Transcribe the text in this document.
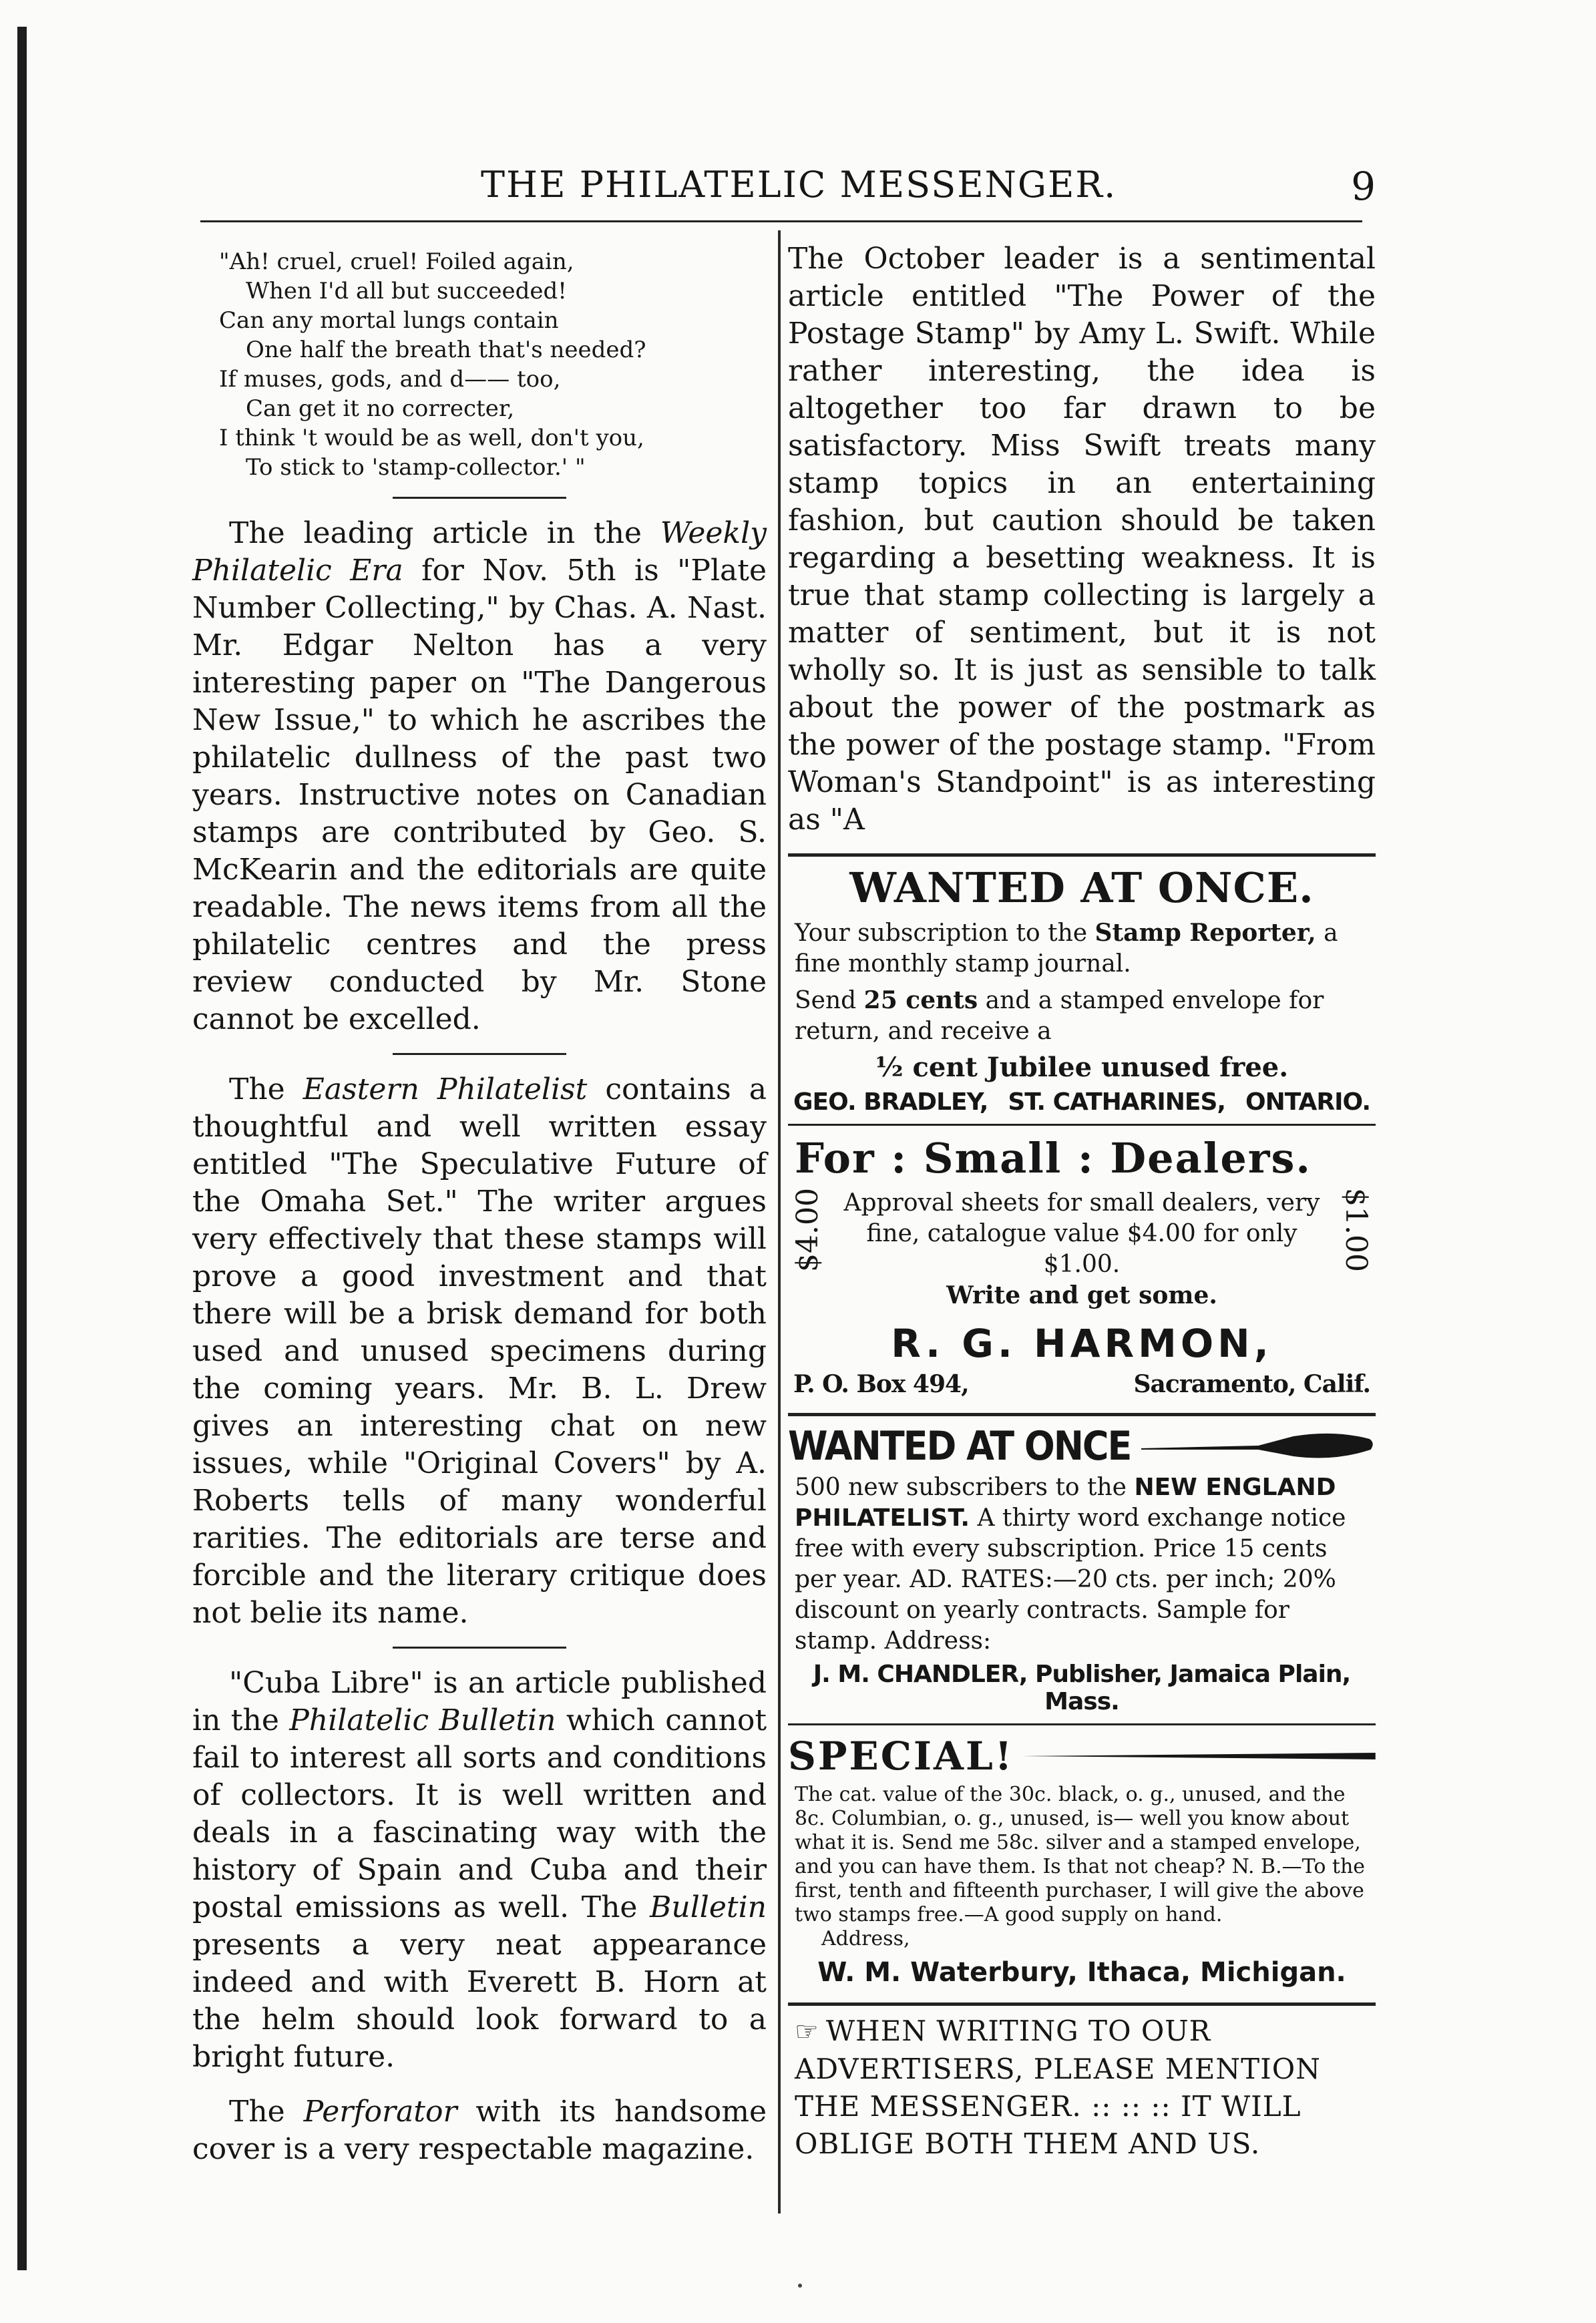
THE PHILATELIC MESSENGER.	9
"Ah! cruel, cruel! Foiled again,
When I'd all but succeeded!
Can any mortal lungs contain
One half the breath that's needed?
If muses, gods, and d—— too,
Can get it no correcter,
I think 't would be as well, don't you,
To stick to 'stamp-collector.' "

The leading article in the Weekly Philatelic Era for Nov. 5th is "Plate Number Collecting," by Chas. A. Nast. Mr. Edgar Nelton has a very interesting paper on "The Dangerous New Issue," to which he ascribes the philatelic dullness of the past two years. Instructive notes on Canadian stamps are contributed by Geo. S. McKearin and the editorials are quite readable. The news items from all the philatelic centres and the press review conducted by Mr. Stone cannot be excelled.

The Eastern Philatelist contains a thoughtful and well written essay entitled "The Speculative Future of the Omaha Set." The writer argues very effectively that these stamps will prove a good investment and that there will be a brisk demand for both used and unused specimens during the coming years. Mr. B. L. Drew gives an interesting chat on new issues, while "Original Covers" by A. Roberts tells of many wonderful rarities. The editorials are terse and forcible and the literary critique does not belie its name.

"Cuba Libre" is an article published in the Philatelic Bulletin which cannot fail to interest all sorts and conditions of collectors. It is well written and deals in a fascinating way with the history of Spain and Cuba and their postal emissions as well. The Bulletin presents a very neat appearance indeed and with Everett B. Horn at the helm should look forward to a bright future.

The Perforator with its handsome cover is a very respectable magazine.

The October leader is a sentimental article entitled "The Power of the Postage Stamp" by Amy L. Swift. While rather interesting, the idea is altogether too far drawn to be satisfactory. Miss Swift treats many stamp topics in an entertaining fashion, but caution should be taken regarding a besetting weakness. It is true that stamp collecting is largely a matter of sentiment, but it is not wholly so. It is just as sensible to talk about the power of the postmark as the power of the postage stamp. "From Woman's Standpoint" is as interesting as "A

WANTED AT ONCE.
Your subscription to the Stamp Reporter, a fine monthly stamp journal.
Send 25 cents and a stamped envelope for return, and receive a
½ cent Jubilee unused free.
GEO. BRADLEY, ST. CATHARINES, ONTARIO.
For : Small : Dealers.
$4.00 Approval sheets for small dealers, very fine, catalogue value $4.00 for only $1.00.
Write and get some.
$1.00
R. G. HARMON,
P. O. Box 494,	Sacramento, Calif.
WANTED AT ONCE
500 new subscribers to the NEW ENGLAND PHILATELIST. A thirty word exchange notice free with every subscription. Price 15 cents per year. AD. RATES:—20 cts. per inch; 20% discount on yearly contracts. Sample for stamp. Address:
J. M. CHANDLER, Publisher, Jamaica Plain, Mass.
SPECIAL!
The cat. value of the 30c. black, o. g., unused, and the 8c. Columbian, o. g., unused, is— well you know about what it is. Send me 58c. silver and a stamped envelope, and you can have them. Is that not cheap? N. B.—To the first, tenth and fifteenth purchaser, I will give the above two stamps free.—A good supply on hand.
Address,
W. M. Waterbury, Ithaca, Michigan.
☞ WHEN WRITING TO OUR ADVERTISERS, PLEASE MENTION THE MESSENGER. :: :: :: IT WILL OBLIGE BOTH THEM AND US.
